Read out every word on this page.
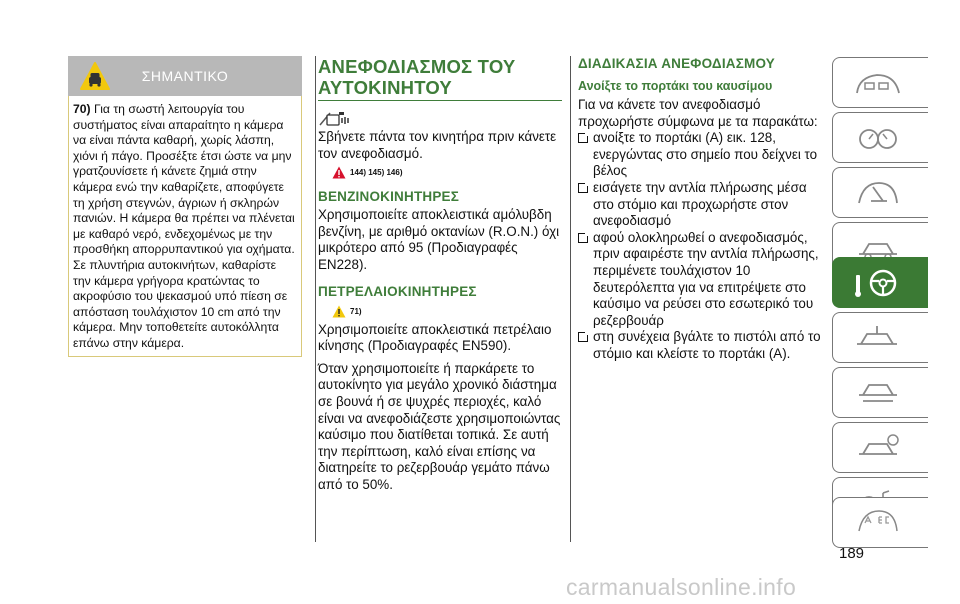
ΣΗΜΑΝΤΙΚΟ
70) Για τη σωστή λειτουργία του συστήματος είναι απαραίτητο η κάμερα να είναι πάντα καθαρή, χωρίς λάσπη, χιόνι ή πάγο. Προσέξτε έτσι ώστε να μην γρατζουνίσετε ή κάνετε ζημιά στην κάμερα ενώ την καθαρίζετε, αποφύγετε τη χρήση στεγνών, άγριων ή σκληρών πανιών. Η κάμερα θα πρέπει να πλένεται με καθαρό νερό, ενδεχομένως με την προσθήκη απορρυπαντικού για οχήματα. Σε πλυντήρια αυτοκινήτων, καθαρίστε την κάμερα γρήγορα κρατώντας το ακροφύσιο του ψεκασμού υπό πίεση σε απόσταση τουλάχιστον 10 cm από την κάμερα. Μην τοποθετείτε αυτοκόλλητα επάνω στην κάμερα.
ΑΝΕΦΟΔΙΑΣΜΟΣ ΤΟΥ ΑΥΤΟΚΙΝΗΤΟΥ
Σβήνετε πάντα τον κινητήρα πριν κάνετε τον ανεφοδιασμό.
144) 145) 146)
ΒΕΝΖΙΝΟΚΙΝΗΤΗΡΕΣ
Χρησιμοποιείτε αποκλειστικά αμόλυβδη βενζίνη, με αριθμό οκτανίων (R.O.N.) όχι μικρότερο από 95 (Προδιαγραφές EN228).
ΠΕΤΡΕΛΑΙΟΚΙΝΗΤΗΡΕΣ
71)
Χρησιμοποιείτε αποκλειστικά πετρέλαιο κίνησης (Προδιαγραφές EN590).
Όταν χρησιμοποιείτε ή παρκάρετε το αυτοκίνητο για μεγάλο χρονικό διάστημα σε βουνά ή σε ψυχρές περιοχές, καλό είναι να ανεφοδιάζεστε χρησιμοποιώντας καύσιμο που διατίθεται τοπικά. Σε αυτή την περίπτωση, καλό είναι επίσης να διατηρείτε το ρεζερβουάρ γεμάτο πάνω από το 50%.
ΔΙΑΔΙΚΑΣΙΑ ΑΝΕΦΟΔΙΑΣΜΟΥ
Ανοίξτε το πορτάκι του καυσίμου
Για να κάνετε τον ανεφοδιασμό προχωρήστε σύμφωνα με τα παρακάτω:
ανοίξτε το πορτάκι (A) εικ. 128, ενεργώντας στο σημείο που δείχνει το βέλος
εισάγετε την αντλία πλήρωσης μέσα στο στόμιο και προχωρήστε στον ανεφοδιασμό
αφού ολοκληρωθεί ο ανεφοδιασμός, πριν αφαιρέστε την αντλία πλήρωσης, περιμένετε τουλάχιστον 10 δευτερόλεπτα για να επιτρέψετε στο καύσιμο να ρεύσει στο εσωτερικό του ρεζερβουάρ
στη συνέχεια βγάλτε το πιστόλι από το στόμιο και κλείστε το πορτάκι (A).
189
carmanualsonline.info
